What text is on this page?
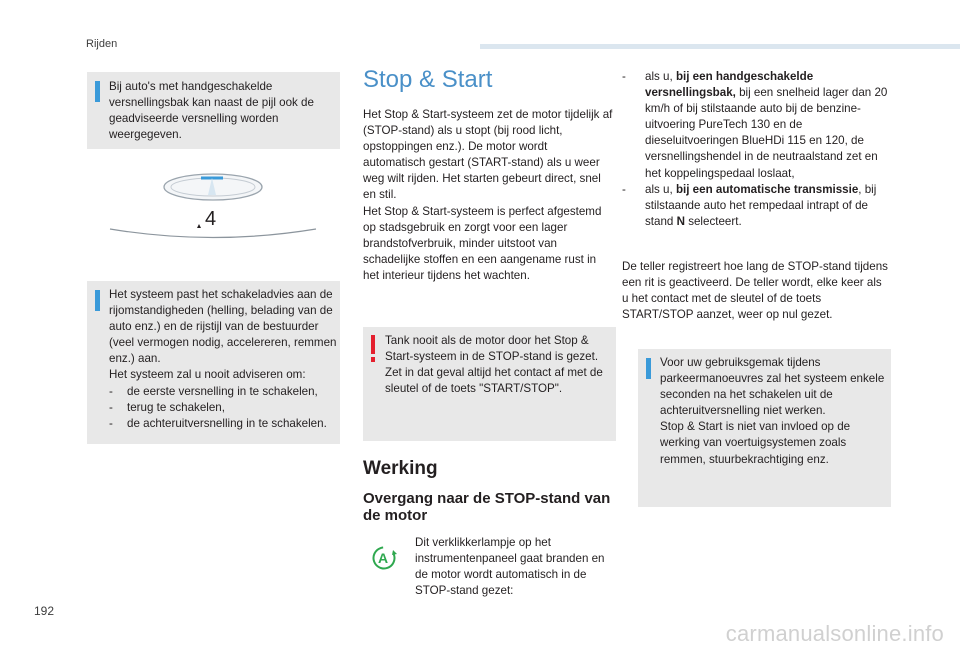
Rijden
Bij auto's met handgeschakelde versnellingsbak kan naast de pijl ook de geadviseerde versnelling worden weergegeven.
4

Het systeem past het schakeladvies aan de rijomstandigheden (helling, belading van de auto enz.) en de rijstijl van de bestuurder (veel vermogen nodig, accelereren, remmen enz.) aan.

Het systeem zal u nooit adviseren om:

- de eerste versnelling in te schakelen,
- terug te schakelen,
- de achteruitversnelling in te schakelen.
Stop & Start

Het Stop & Start-systeem zet de motor tijdelijk af (STOP-stand) als u stopt (bij rood licht, opstoppingen enz.). De motor wordt automatisch gestart (START-stand) als u weer weg wilt rijden. Het starten gebeurt direct, snel en stil.

Het Stop & Start-systeem is perfect afgestemd op stadsgebruik en zorgt voor een lager brandstofverbruik, minder uitstoot van schadelijke stoffen en een aangename rust in het interieur tijdens het wachten.

Tank nooit als de motor door het Stop & Start-systeem in de STOP-stand is gezet. Zet in dat geval altijd het contact af met de sleutel of de toets "START/STOP".
Werking
Overgang naar de STOP-stand van de motor
A
Dit verklikkerlampje op het instrumentenpaneel gaat branden en de motor wordt automatisch in de STOP-stand gezet:
- als u, bij een handgeschakelde versnellingsbak, bij een snelheid lager dan 20 km/h of bij stilstaande auto bij de benzine-uitvoering PureTech 130 en de dieseluitvoeringen BlueHDi 115 en 120, de versnellingshendel in de neutraalstand zet en het koppelingspedaal loslaat,
- als u, bij een automatische transmissie, bij stilstaande auto het rempedaal intrapt of de stand N selecteert.
De teller registreert hoe lang de STOP-stand tijdens een rit is geactiveerd. De teller wordt, elke keer als u het contact met de sleutel of de toets START/STOP aanzet, weer op nul gezet.

Voor uw gebruiksgemak tijdens parkeermanoeuvres zal het systeem enkele seconden na het schakelen uit de achteruitversnelling niet werken.

Stop & Start is niet van invloed op de werking van voertuigsystemen zoals remmen, stuurbekrachtiging enz.

192
carmanualsonline.info
